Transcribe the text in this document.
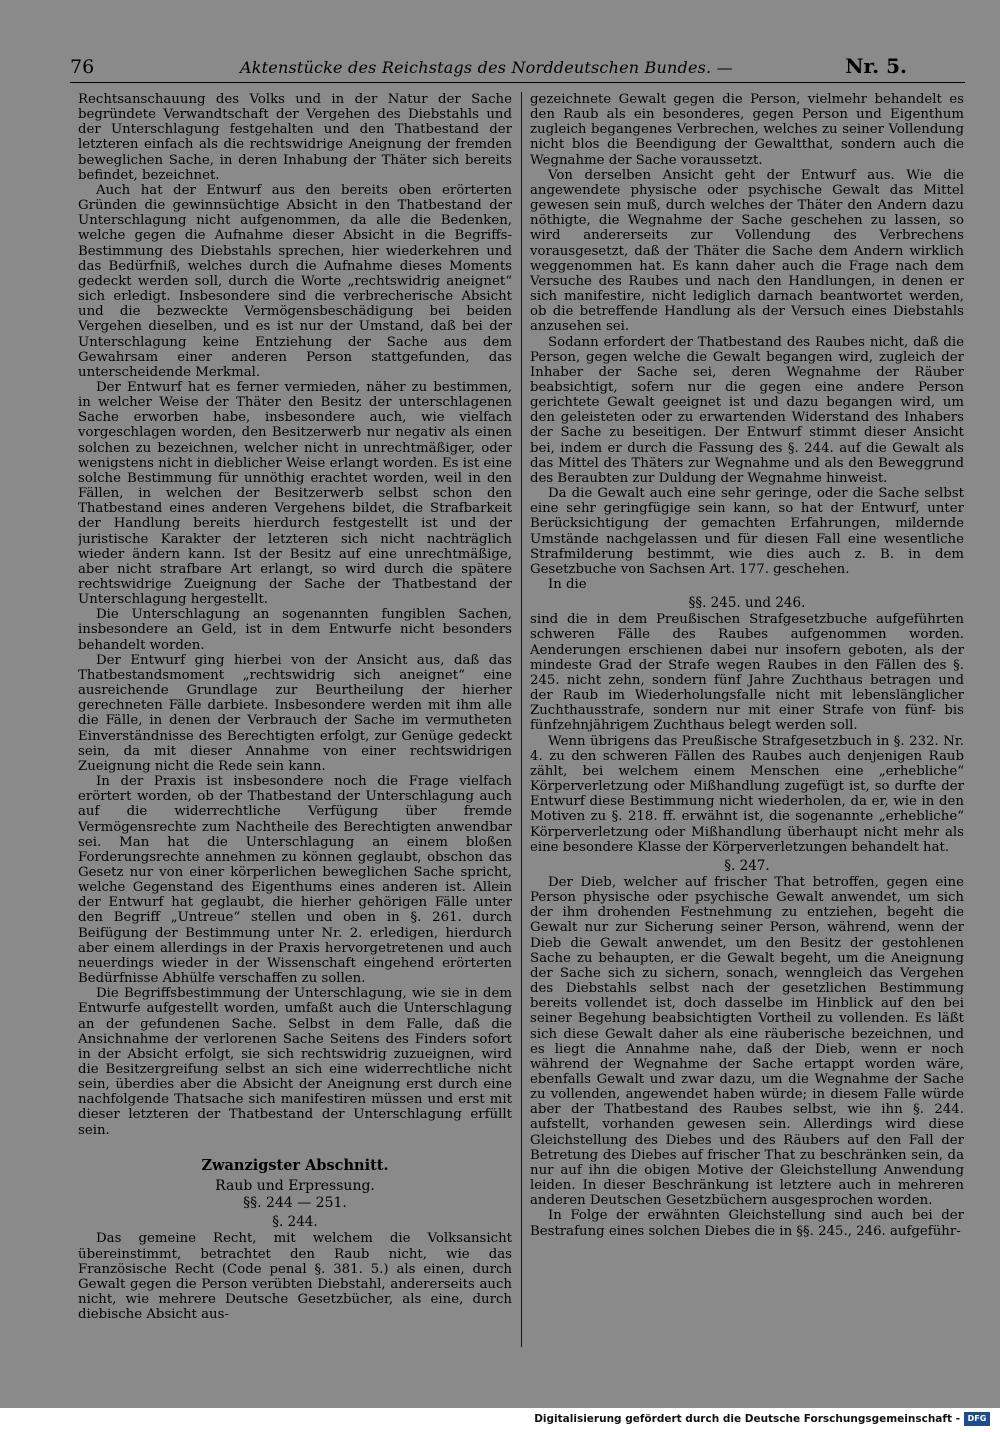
76	Aktenstücke des Reichstags des Norddeutschen Bundes. —	Nr. 5.

Rechtsanschauung des Volks und in der Natur der Sache begründete Verwandtschaft der Vergehen des Diebstahls und der Unterschlagung festgehalten und den Thatbestand der letzteren einfach als die rechtswidrige Aneignung der fremden beweglichen Sache, in deren Inhabung der Thäter sich bereits befindet, bezeichnet.

Auch hat der Entwurf aus den bereits oben erörterten Gründen die gewinnsüchtige Absicht in den Thatbestand der Unterschlagung nicht aufgenommen, da alle die Bedenken, welche gegen die Aufnahme dieser Absicht in die Begriffs-Bestimmung des Diebstahls sprechen, hier wiederkehren und das Bedürfniß, welches durch die Aufnahme dieses Moments gedeckt werden soll, durch die Worte „rechtswidrig aneignet“ sich erledigt. Insbesondere sind die verbrecherische Absicht und die bezweckte Vermögensbeschädigung bei beiden Vergehen dieselben, und es ist nur der Umstand, daß bei der Unterschlagung keine Entziehung der Sache aus dem Gewahrsam einer anderen Person stattgefunden, das unterscheidende Merkmal.

Der Entwurf hat es ferner vermieden, näher zu bestimmen, in welcher Weise der Thäter den Besitz der unterschlagenen Sache erworben habe, insbesondere auch, wie vielfach vorgeschlagen worden, den Besitzerwerb nur negativ als einen solchen zu bezeichnen, welcher nicht in unrechtmäßiger, oder wenigstens nicht in dieblicher Weise erlangt worden. Es ist eine solche Bestimmung für unnöthig erachtet worden, weil in den Fällen, in welchen der Besitzerwerb selbst schon den Thatbestand eines anderen Vergehens bildet, die Strafbarkeit der Handlung bereits hierdurch festgestellt ist und der juristische Karakter der letzteren sich nicht nachträglich wieder ändern kann. Ist der Besitz auf eine unrechtmäßige, aber nicht strafbare Art erlangt, so wird durch die spätere rechtswidrige Zueignung der Sache der Thatbestand der Unterschlagung hergestellt.

Die Unterschlagung an sogenannten fungiblen Sachen, insbesondere an Geld, ist in dem Entwurfe nicht besonders behandelt worden.

Der Entwurf ging hierbei von der Ansicht aus, daß das Thatbestandsmoment „rechtswidrig sich aneignet“ eine ausreichende Grundlage zur Beurtheilung der hierher gerechneten Fälle darbiete. Insbesondere werden mit ihm alle die Fälle, in denen der Verbrauch der Sache im vermutheten Einverständnisse des Berechtigten erfolgt, zur Genüge gedeckt sein, da mit dieser Annahme von einer rechtswidrigen Zueignung nicht die Rede sein kann.

In der Praxis ist insbesondere noch die Frage vielfach erörtert worden, ob der Thatbestand der Unterschlagung auch auf die widerrechtliche Verfügung über fremde Vermögensrechte zum Nachtheile des Berechtigten anwendbar sei. Man hat die Unterschlagung an einem bloßen Forderungsrechte annehmen zu können geglaubt, obschon das Gesetz nur von einer körperlichen beweglichen Sache spricht, welche Gegenstand des Eigenthums eines anderen ist. Allein der Entwurf hat geglaubt, die hierher gehörigen Fälle unter den Begriff „Untreue“ stellen und oben in §. 261. durch Beifügung der Bestimmung unter Nr. 2. erledigen, hierdurch aber einem allerdings in der Praxis hervorgetretenen und auch neuerdings wieder in der Wissenschaft eingehend erörterten Bedürfnisse Abhülfe verschaffen zu sollen.

Die Begriffsbestimmung der Unterschlagung, wie sie in dem Entwurfe aufgestellt worden, umfaßt auch die Unterschlagung an der gefundenen Sache. Selbst in dem Falle, daß die Ansichnahme der verlorenen Sache Seitens des Finders sofort in der Absicht erfolgt, sie sich rechtswidrig zuzueignen, wird die Besitzergreifung selbst an sich eine widerrechtliche nicht sein, überdies aber die Absicht der Aneignung erst durch eine nachfolgende Thatsache sich manifestiren müssen und erst mit dieser letzteren der Thatbestand der Unterschlagung erfüllt sein.

Zwanzigster Abschnitt.
Raub und Erpressung.
§§. 244 — 251.
§. 244.

Das gemeine Recht, mit welchem die Volksansicht übereinstimmt, betrachtet den Raub nicht, wie das Französische Recht (Code penal §. 381. 5.) als einen, durch Gewalt gegen die Person verübten Diebstahl, andererseits auch nicht, wie mehrere Deutsche Gesetzbücher, als eine, durch diebische Absicht aus-

gezeichnete Gewalt gegen die Person, vielmehr behandelt es den Raub als ein besonderes, gegen Person und Eigenthum zugleich begangenes Verbrechen, welches zu seiner Vollendung nicht blos die Beendigung der Gewaltthat, sondern auch die Wegnahme der Sache voraussetzt.

Von derselben Ansicht geht der Entwurf aus. Wie die angewendete physische oder psychische Gewalt das Mittel gewesen sein muß, durch welches der Thäter den Andern dazu nöthigte, die Wegnahme der Sache geschehen zu lassen, so wird andererseits zur Vollendung des Verbrechens vorausgesetzt, daß der Thäter die Sache dem Andern wirklich weggenommen hat. Es kann daher auch die Frage nach dem Versuche des Raubes und nach den Handlungen, in denen er sich manifestire, nicht lediglich darnach beantwortet werden, ob die betreffende Handlung als der Versuch eines Diebstahls anzusehen sei.

Sodann erfordert der Thatbestand des Raubes nicht, daß die Person, gegen welche die Gewalt begangen wird, zugleich der Inhaber der Sache sei, deren Wegnahme der Räuber beabsichtigt, sofern nur die gegen eine andere Person gerichtete Gewalt geeignet ist und dazu begangen wird, um den geleisteten oder zu erwartenden Widerstand des Inhabers der Sache zu beseitigen. Der Entwurf stimmt dieser Ansicht bei, indem er durch die Fassung des §. 244. auf die Gewalt als das Mittel des Thäters zur Wegnahme und als den Beweggrund des Beraubten zur Duldung der Wegnahme hinweist.

Da die Gewalt auch eine sehr geringe, oder die Sache selbst eine sehr geringfügige sein kann, so hat der Entwurf, unter Berücksichtigung der gemachten Erfahrungen, mildernde Umstände nachgelassen und für diesen Fall eine wesentliche Strafmilderung bestimmt, wie dies auch z. B. in dem Gesetzbuche von Sachsen Art. 177. geschehen.

In die

§§. 245. und 246.

sind die in dem Preußischen Strafgesetzbuche aufgeführten schweren Fälle des Raubes aufgenommen worden. Aenderungen erschienen dabei nur insofern geboten, als der mindeste Grad der Strafe wegen Raubes in den Fällen des §. 245. nicht zehn, sondern fünf Jahre Zuchthaus betragen und der Raub im Wiederholungsfalle nicht mit lebenslänglicher Zuchthausstrafe, sondern nur mit einer Strafe von fünf- bis fünfzehnjährigem Zuchthaus belegt werden soll.

Wenn übrigens das Preußische Strafgesetzbuch in §. 232. Nr. 4. zu den schweren Fällen des Raubes auch denjenigen Raub zählt, bei welchem einem Menschen eine „erhebliche“ Körperverletzung oder Mißhandlung zugefügt ist, so durfte der Entwurf diese Bestimmung nicht wiederholen, da er, wie in den Motiven zu §. 218. ff. erwähnt ist, die sogenannte „erhebliche“ Körperverletzung oder Mißhandlung überhaupt nicht mehr als eine besondere Klasse der Körperverletzungen behandelt hat.

§. 247.

Der Dieb, welcher auf frischer That betroffen, gegen eine Person physische oder psychische Gewalt anwendet, um sich der ihm drohenden Festnehmung zu entziehen, begeht die Gewalt nur zur Sicherung seiner Person, während, wenn der Dieb die Gewalt anwendet, um den Besitz der gestohlenen Sache zu behaupten, er die Gewalt begeht, um die Aneignung der Sache sich zu sichern, sonach, wenngleich das Vergehen des Diebstahls selbst nach der gesetzlichen Bestimmung bereits vollendet ist, doch dasselbe im Hinblick auf den bei seiner Begehung beabsichtigten Vortheil zu vollenden. Es läßt sich diese Gewalt daher als eine räuberische bezeichnen, und es liegt die Annahme nahe, daß der Dieb, wenn er noch während der Wegnahme der Sache ertappt worden wäre, ebenfalls Gewalt und zwar dazu, um die Wegnahme der Sache zu vollenden, angewendet haben würde; in diesem Falle würde aber der Thatbestand des Raubes selbst, wie ihn §. 244. aufstellt, vorhanden gewesen sein. Allerdings wird diese Gleichstellung des Diebes und des Räubers auf den Fall der Betretung des Diebes auf frischer That zu beschränken sein, da nur auf ihn die obigen Motive der Gleichstellung Anwendung leiden. In dieser Beschränkung ist letztere auch in mehreren anderen Deutschen Gesetzbüchern ausgesprochen worden.

In Folge der erwähnten Gleichstellung sind auch bei der Bestrafung eines solchen Diebes die in §§. 245., 246. aufgeführ-

Digitalisierung gefördert durch die Deutsche Forschungsgemeinschaft - DFG
